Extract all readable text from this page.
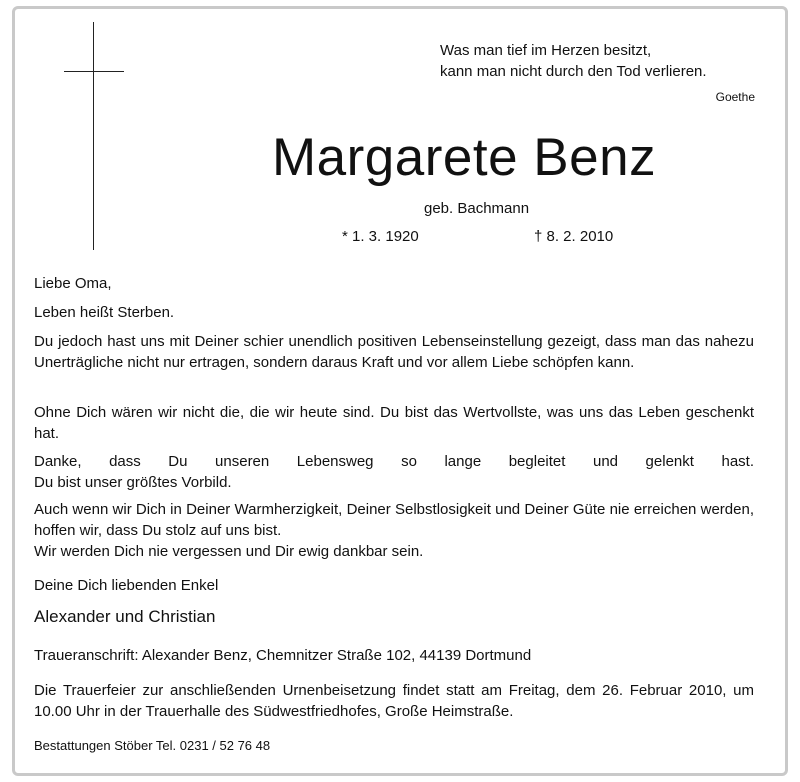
Was man tief im Herzen besitzt,
kann man nicht durch den Tod verlieren.
Goethe
Margarete Benz
geb. Bachmann
* 1. 3. 1920	† 8. 2. 2010
Liebe Oma,
Leben heißt Sterben.
Du jedoch hast uns mit Deiner schier unendlich positiven Lebenseinstellung gezeigt, dass man das nahezu Unerträgliche nicht nur ertragen, sondern daraus Kraft und vor allem Liebe schöpfen kann.
Ohne Dich wären wir nicht die, die wir heute sind. Du bist das Wertvollste, was uns das Leben geschenkt hat.
Danke, dass Du unseren Lebensweg so lange begleitet und gelenkt hast.
Du bist unser größtes Vorbild.
Auch wenn wir Dich in Deiner Warmherzigkeit, Deiner Selbstlosigkeit und Deiner Güte nie erreichen werden, hoffen wir, dass Du stolz auf uns bist.
Wir werden Dich nie vergessen und Dir ewig dankbar sein.
Deine Dich liebenden Enkel
Alexander und Christian
Traueranschrift: Alexander Benz, Chemnitzer Straße 102, 44139 Dortmund
Die Trauerfeier zur anschließenden Urnenbeisetzung findet statt am Freitag, dem 26. Februar 2010, um 10.00 Uhr in der Trauerhalle des Südwestfriedhofes, Große Heimstraße.
Bestattungen Stöber Tel. 0231 / 52 76 48
